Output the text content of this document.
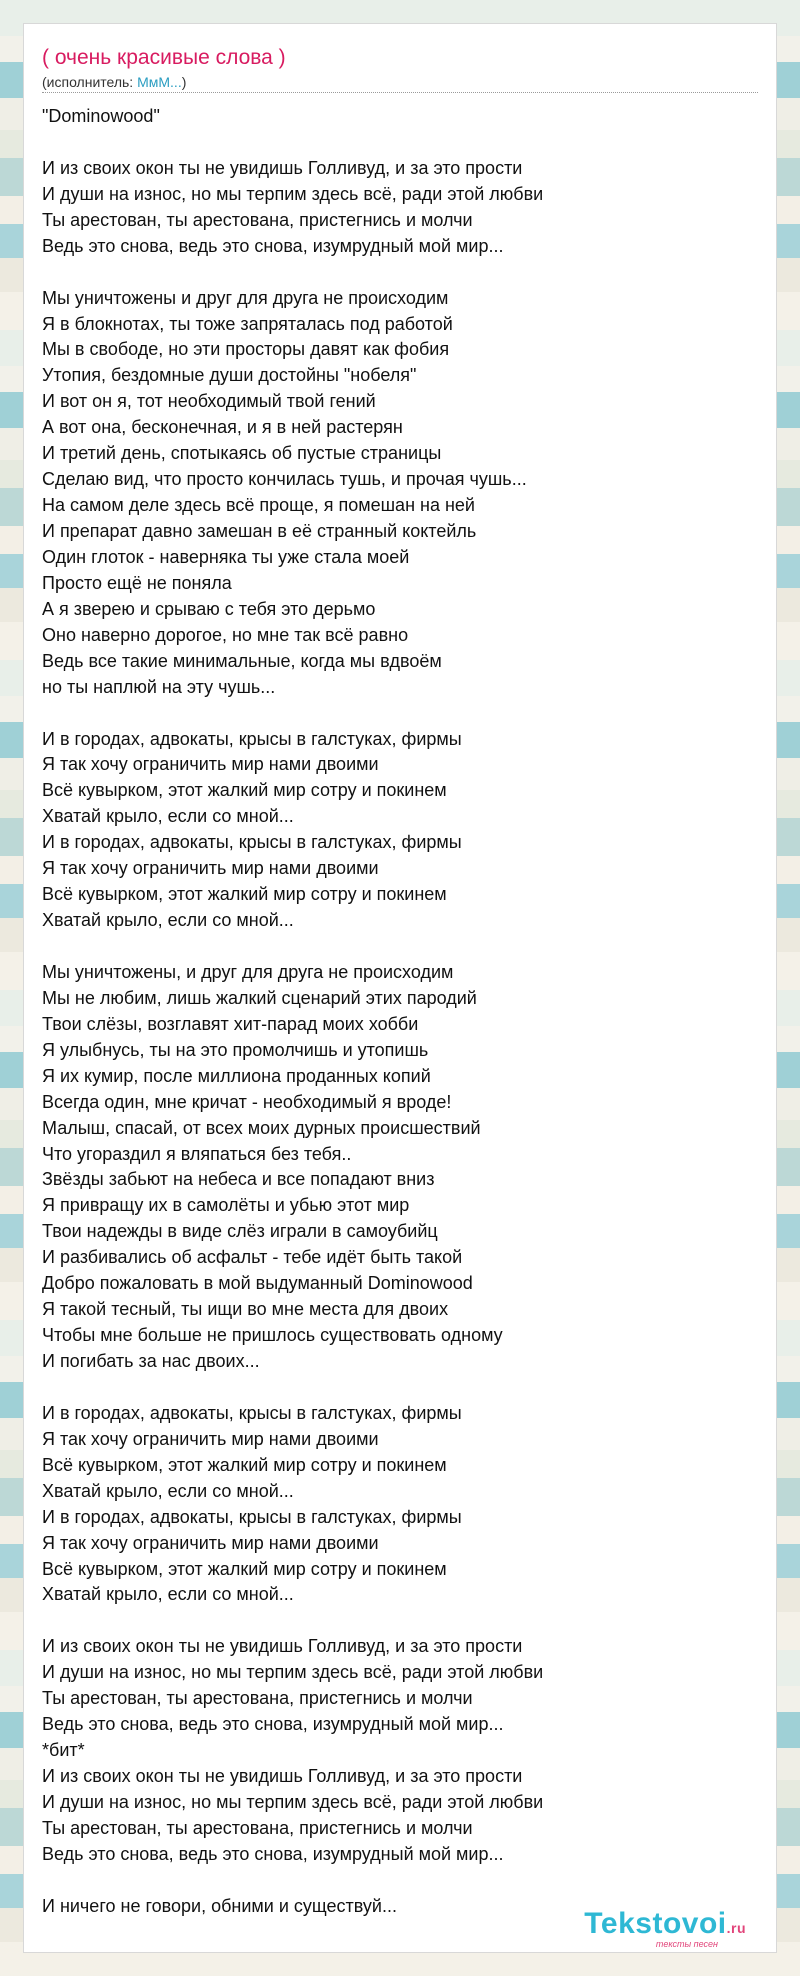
( очень красивые слова )
(исполнитель: МмМ...)
"Dominowood"
И из своих окон ты не увидишь Голливуд, и за это прости
И души на износ, но мы терпим здесь всё, ради этой любви
Ты арестован, ты арестована, пристегнись и молчи
Ведь это снова, ведь это снова, изумрудный мой мир...
Мы уничтожены и друг для друга не происходим
Я в блокнотах, ты тоже запряталась под работой
Мы в свободе, но эти просторы давят как фобия
Утопия, бездомные души достойны "нобеля"
И вот он я, тот необходимый твой гений
А вот она, бесконечная, и я в ней растерян
И третий день, спотыкаясь об пустые страницы
Сделаю вид, что просто кончилась тушь, и прочая чушь...
На самом деле здесь всё проще, я помешан на ней
И препарат давно замешан в её странный коктейль
Один глоток - наверняка ты уже стала моей
Просто ещё не поняла
А я зверею и срываю с тебя это дерьмо
Оно наверно дорогое, но мне так всё равно
Ведь все такие минимальные, когда мы вдвоём
но ты наплюй на эту чушь...
И в городах, адвокаты, крысы в галстуках, фирмы
Я так хочу ограничить мир нами двоими
Всё кувырком, этот жалкий мир сотру и покинем
Хватай крыло, если со мной...
И в городах, адвокаты, крысы в галстуках, фирмы
Я так хочу ограничить мир нами двоими
Всё кувырком, этот жалкий мир сотру и покинем
Хватай крыло, если со мной...
Мы уничтожены, и друг для друга не происходим
Мы не любим, лишь жалкий сценарий этих пародий
Твои слёзы, возглавят хит-парад моих хобби
Я улыбнусь, ты на это промолчишь и утопишь
Я их кумир, после миллиона проданных копий
Всегда один, мне кричат - необходимый я вроде!
Малыш, спасай, от всех моих дурных происшествий
Что угораздил я вляпаться без тебя..
Звёзды забьют на небеса и все попадают вниз
Я привращу их в самолёты и убью этот мир
Твои надежды в виде слёз играли в самоубийц
И разбивались об асфальт - тебе идёт быть такой
Добро пожаловать в мой выдуманный Dominowood
Я такой тесный, ты ищи во мне места для двоих
Чтобы мне больше не пришлось существовать одному
И погибать за нас двоих...
И в городах, адвокаты, крысы в галстуках, фирмы
Я так хочу ограничить мир нами двоими
Всё кувырком, этот жалкий мир сотру и покинем
Хватай крыло, если со мной...
И в городах, адвокаты, крысы в галстуках, фирмы
Я так хочу ограничить мир нами двоими
Всё кувырком, этот жалкий мир сотру и покинем
Хватай крыло, если со мной...
И из своих окон ты не увидишь Голливуд, и за это прости
И души на износ, но мы терпим здесь всё, ради этой любви
Ты арестован, ты арестована, пристегнись и молчи
Ведь это снова, ведь это снова, изумрудный мой мир...
*бит*
И из своих окон ты не увидишь Голливуд, и за это прости
И души на износ, но мы терпим здесь всё, ради этой любви
Ты арестован, ты арестована, пристегнись и молчи
Ведь это снова, ведь это снова, изумрудный мой мир...
И ничего не говори, обними и существуй...
Tekstovoi.ru
тексты песен
